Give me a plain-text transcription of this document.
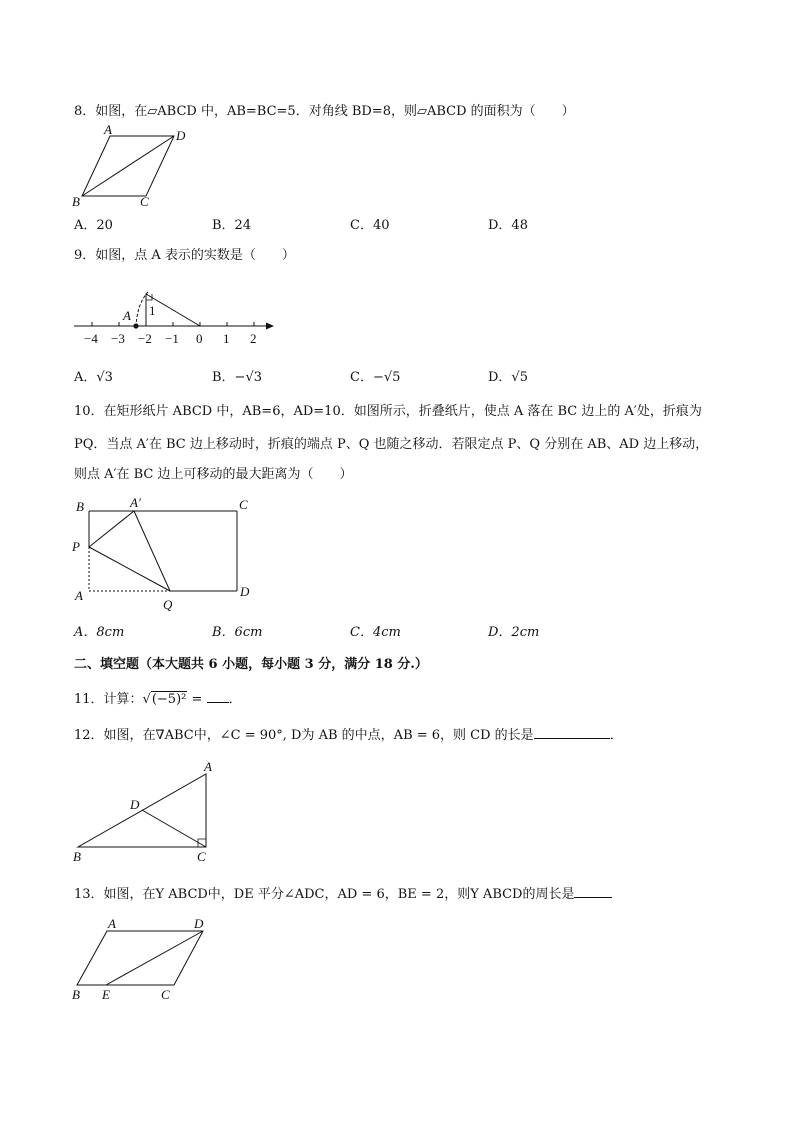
8．如图，在▱ABCD 中，AB=BC=5．对角线 BD=8，则▱ABCD 的面积为（　　）
A	D
B	C
A．20	B．24	C．40	D．48
9．如图，点 A 表示的实数是（　　）
A 1
−4 −3 −2 −1 0 1 2
A．√3	B．−√3	C．−√5	D．√5
10．在矩形纸片 ABCD 中，AB=6，AD=10．如图所示，折叠纸片，使点 A 落在 BC 边上的 A′处，折痕为
PQ．当点 A′在 BC 边上移动时，折痕的端点 P、Q 也随之移动．若限定点 P、Q 分别在 AB、AD 边上移动，
则点 A′在 BC 边上可移动的最大距离为（　　）
B	A′	C
P
A
Q
D
A．8cm	B．6cm	C．4cm	D．2cm
二、填空题（本大题共 6 小题，每小题 3 分，满分 18 分.）
11．计算：√(−5)² = ．
12．如图，在∇ABC中，∠C = 90°, D为 AB 的中点，AB = 6，则 CD 的长是	．
A
D
B	C
13．如图，在Y ABCD中，DE 平分∠ADC，AD = 6，BE = 2，则Y ABCD的周长是
A	D
B E	C
